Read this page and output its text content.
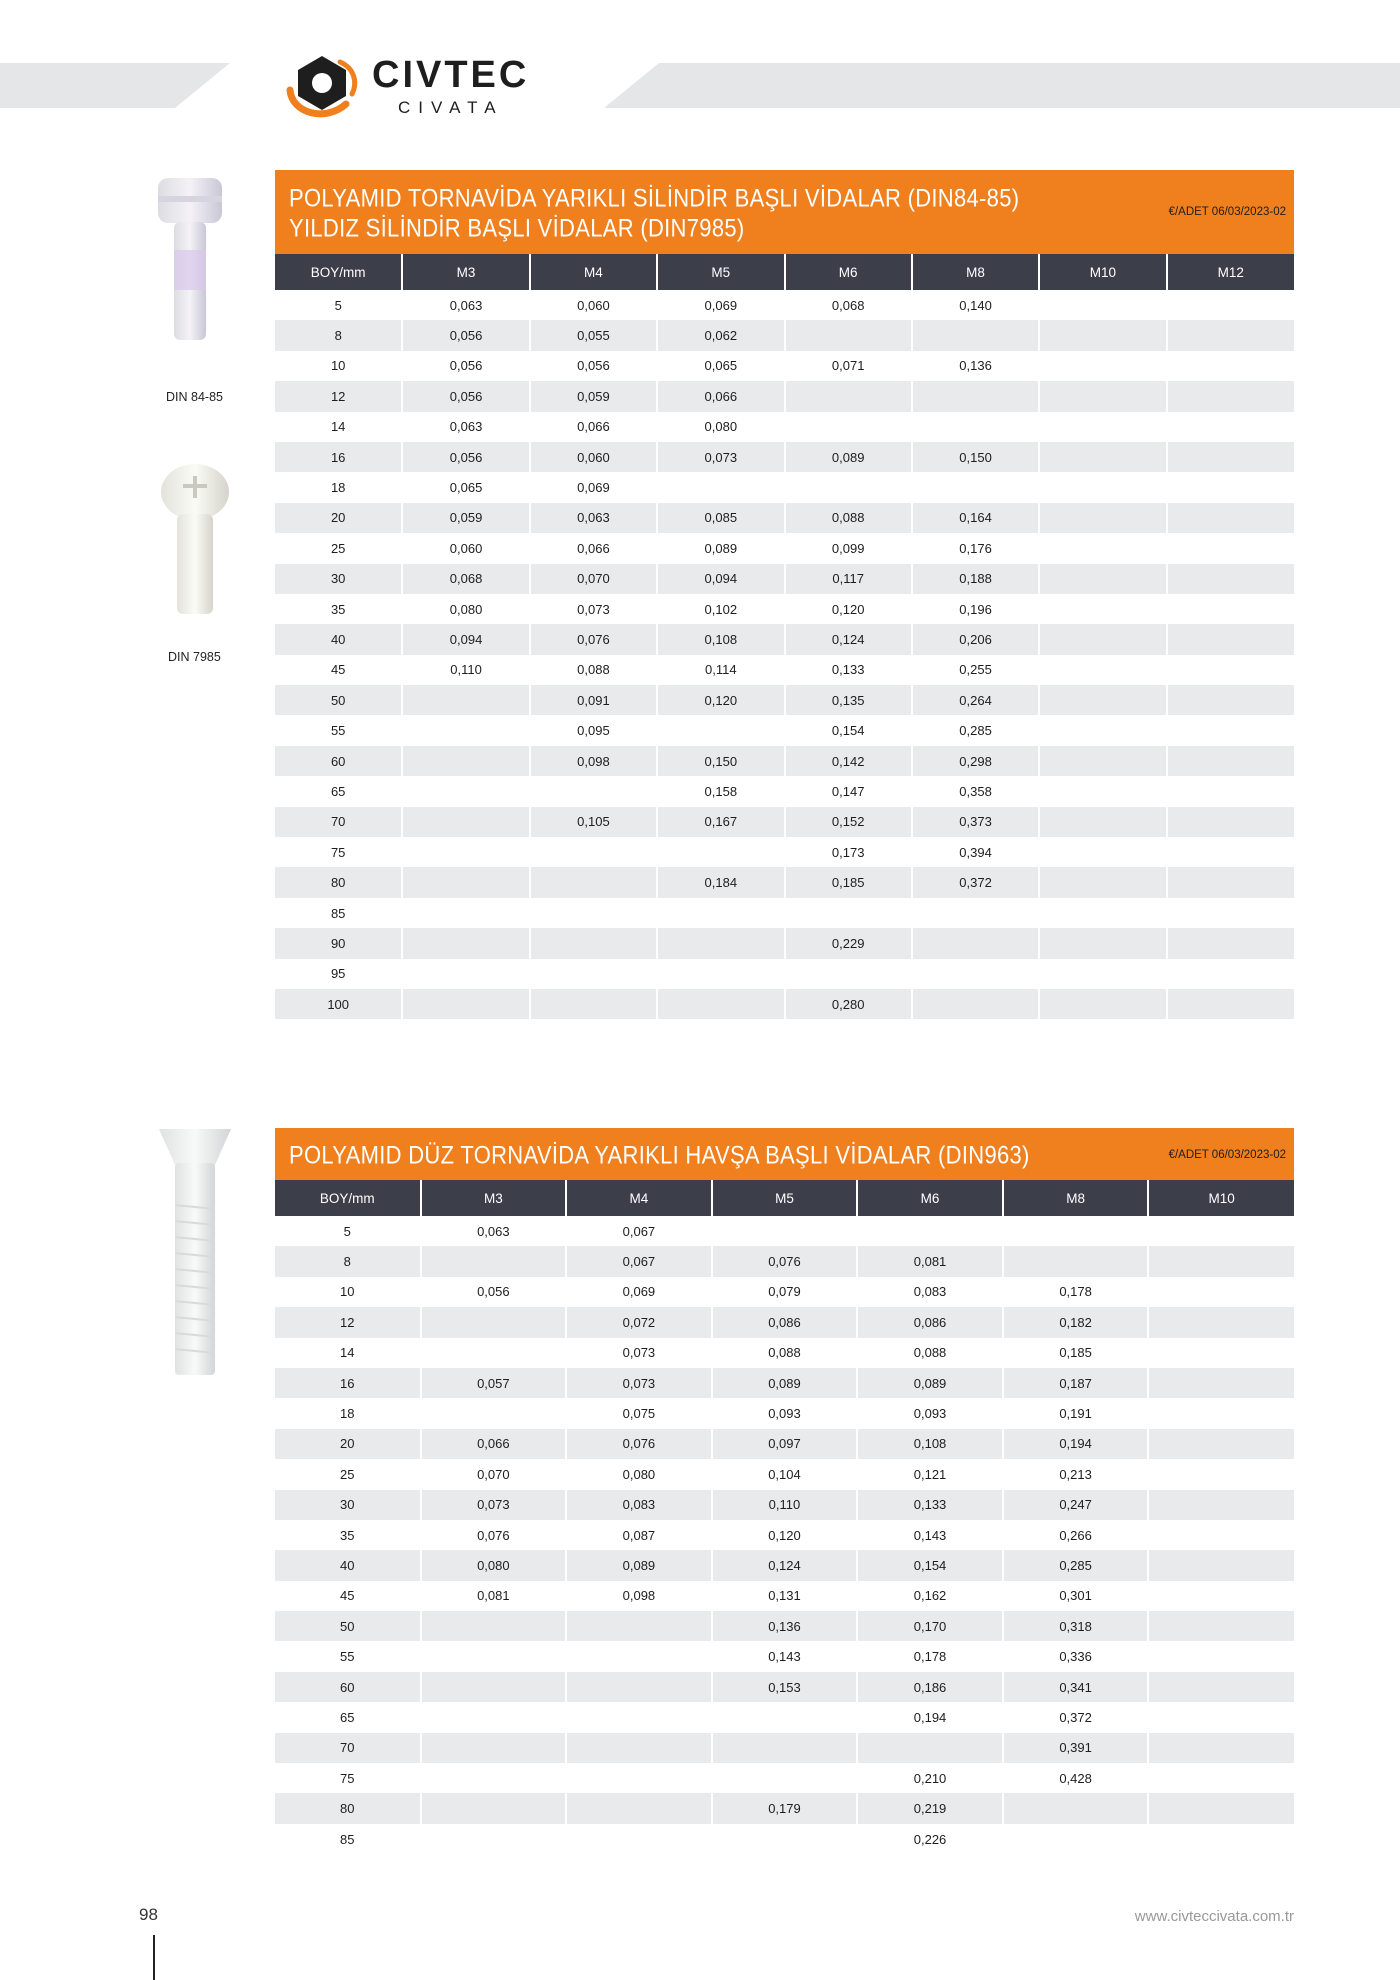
CIVTEC
CIVATA
DIN 84-85
DIN 7985
POLYAMID TORNAVİDA YARIKLI SİLİNDİR BAŞLI VİDALAR (DIN84-85)
YILDIZ SİLİNDİR BAŞLI VİDALAR (DIN7985)
€/ADET 06/03/2023-02
BOY/mm	M3	M4	M5	M6	M8	M10	M12
5	0,063	0,060	0,069	0,068	0,140		
8	0,056	0,055	0,062				
10	0,056	0,056	0,065	0,071	0,136		
12	0,056	0,059	0,066				
14	0,063	0,066	0,080				
16	0,056	0,060	0,073	0,089	0,150		
18	0,065	0,069					
20	0,059	0,063	0,085	0,088	0,164		
25	0,060	0,066	0,089	0,099	0,176		
30	0,068	0,070	0,094	0,117	0,188		
35	0,080	0,073	0,102	0,120	0,196		
40	0,094	0,076	0,108	0,124	0,206		
45	0,110	0,088	0,114	0,133	0,255		
50		0,091	0,120	0,135	0,264		
55		0,095		0,154	0,285		
60		0,098	0,150	0,142	0,298		
65			0,158	0,147	0,358		
70		0,105	0,167	0,152	0,373		
75				0,173	0,394		
80			0,184	0,185	0,372		
85							
90				0,229			
95							
100				0,280			
POLYAMID DÜZ TORNAVİDA YARIKLI HAVŞA BAŞLI VİDALAR (DIN963)	€/ADET 06/03/2023-02
BOY/mm	M3	M4	M5	M6	M8	M10
5	0,063	0,067				
8		0,067	0,076	0,081		
10	0,056	0,069	0,079	0,083	0,178	
12		0,072	0,086	0,086	0,182	
14		0,073	0,088	0,088	0,185	
16	0,057	0,073	0,089	0,089	0,187	
18		0,075	0,093	0,093	0,191	
20	0,066	0,076	0,097	0,108	0,194	
25	0,070	0,080	0,104	0,121	0,213	
30	0,073	0,083	0,110	0,133	0,247	
35	0,076	0,087	0,120	0,143	0,266	
40	0,080	0,089	0,124	0,154	0,285	
45	0,081	0,098	0,131	0,162	0,301	
50			0,136	0,170	0,318	
55			0,143	0,178	0,336	
60			0,153	0,186	0,341	
65				0,194	0,372	
70					0,391	
75				0,210	0,428	
80			0,179	0,219		
85				0,226		
98	www.civteccivata.com.tr
